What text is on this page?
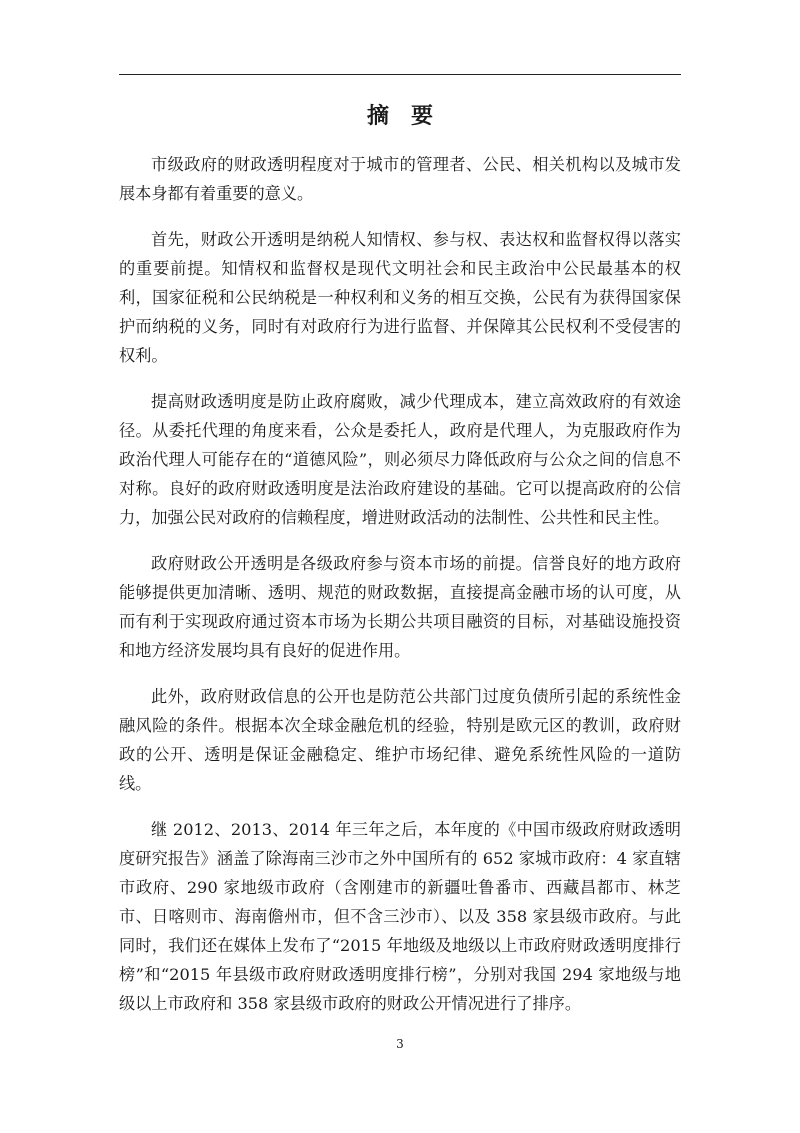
摘要

市级政府的财政透明程度对于城市的管理者、公民、相关机构以及城市发展本身都有着重要的意义。

首先，财政公开透明是纳税人知情权、参与权、表达权和监督权得以落实的重要前提。知情权和监督权是现代文明社会和民主政治中公民最基本的权利，国家征税和公民纳税是一种权利和义务的相互交换，公民有为获得国家保护而纳税的义务，同时有对政府行为进行监督、并保障其公民权利不受侵害的权利。

提高财政透明度是防止政府腐败，减少代理成本，建立高效政府的有效途径。从委托代理的角度来看，公众是委托人，政府是代理人，为克服政府作为政治代理人可能存在的“道德风险”，则必须尽力降低政府与公众之间的信息不对称。良好的政府财政透明度是法治政府建设的基础。它可以提高政府的公信力，加强公民对政府的信赖程度，增进财政活动的法制性、公共性和民主性。

政府财政公开透明是各级政府参与资本市场的前提。信誉良好的地方政府能够提供更加清晰、透明、规范的财政数据，直接提高金融市场的认可度，从而有利于实现政府通过资本市场为长期公共项目融资的目标，对基础设施投资和地方经济发展均具有良好的促进作用。

此外，政府财政信息的公开也是防范公共部门过度负债所引起的系统性金融风险的条件。根据本次全球金融危机的经验，特别是欧元区的教训，政府财政的公开、透明是保证金融稳定、维护市场纪律、避免系统性风险的一道防线。

继 2012、2013、2014 年三年之后，本年度的《中国市级政府财政透明度研究报告》涵盖了除海南三沙市之外中国所有的 652 家城市政府：4 家直辖市政府、290 家地级市政府（含刚建市的新疆吐鲁番市、西藏昌都市、林芝市、日喀则市、海南儋州市，但不含三沙市）、以及 358 家县级市政府。与此同时，我们还在媒体上发布了“2015 年地级及地级以上市政府财政透明度排行榜”和“2015 年县级市政府财政透明度排行榜”，分别对我国 294 家地级与地级以上市政府和 358 家县级市政府的财政公开情况进行了排序。

3
